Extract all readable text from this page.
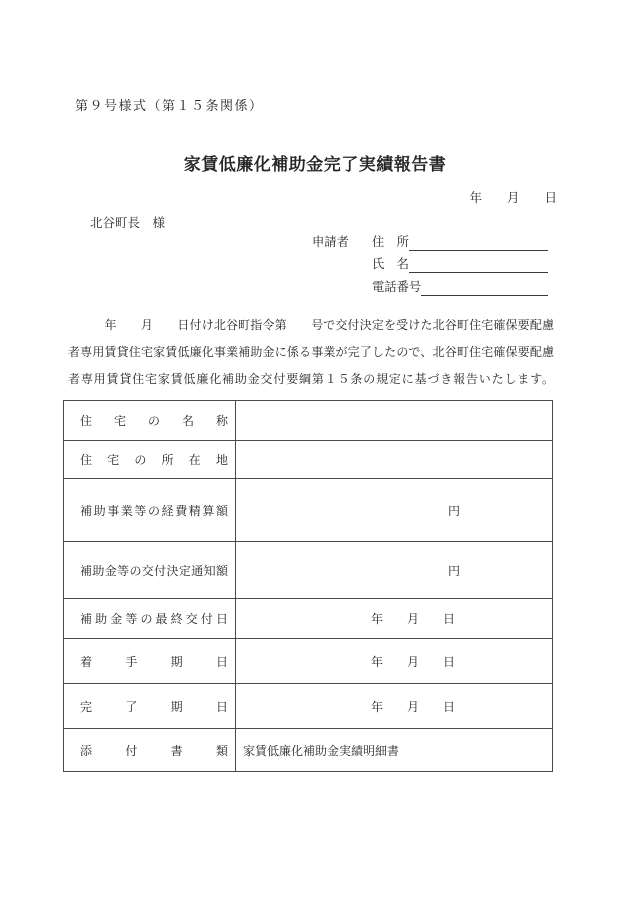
第９号様式（第１５条関係）
家賃低廉化補助金完了実績報告書
年　　月　　日
北谷町長　様
申請者	住　所
氏　名
電話番号
　　　年　　月　　日付け北谷町指令第　　号で交付決定を受けた北谷町住宅確保要配慮
者専用賃貸住宅家賃低廉化事業補助金に係る事業が完了したので、北谷町住宅確保要配慮
者専用賃貸住宅家賃低廉化補助金交付要綱第１５条の規定に基づき報告いたします。
住宅の名称
住宅の所在地
補助事業等の経費精算額	円
補助金等の交付決定通知額	円
補助金等の最終交付日	年　　月　　日
着手期日	年　　月　　日
完了期日	年　　月　　日
添付書類	家賃低廉化補助金実績明細書
